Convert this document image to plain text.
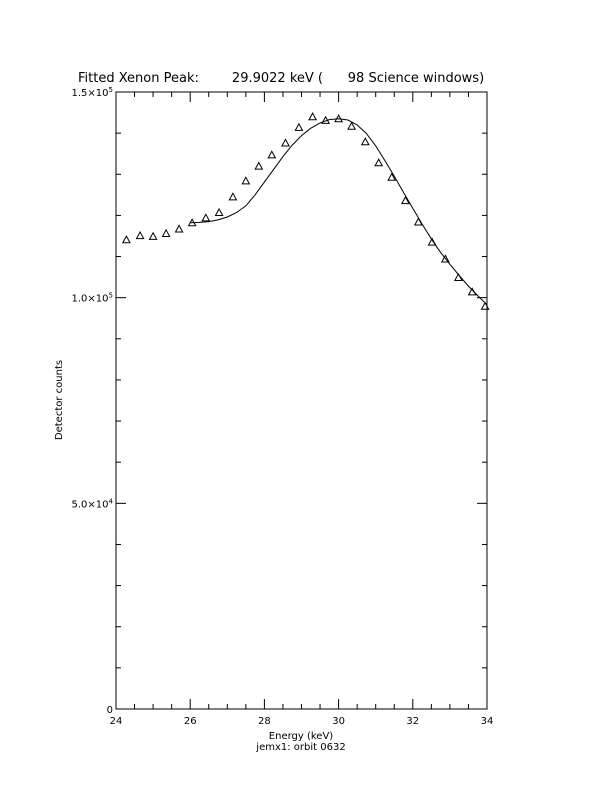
Fitted Xenon Peak:	29.9022 keV ( 98 Science windows)
24	26	28	30	32	34
0
$5.0\times 10^4$
$1.0\times 10^5$
$1.5\times 10^5$
Energy (keV)
jemx1: orbit 0632
Detector counts
